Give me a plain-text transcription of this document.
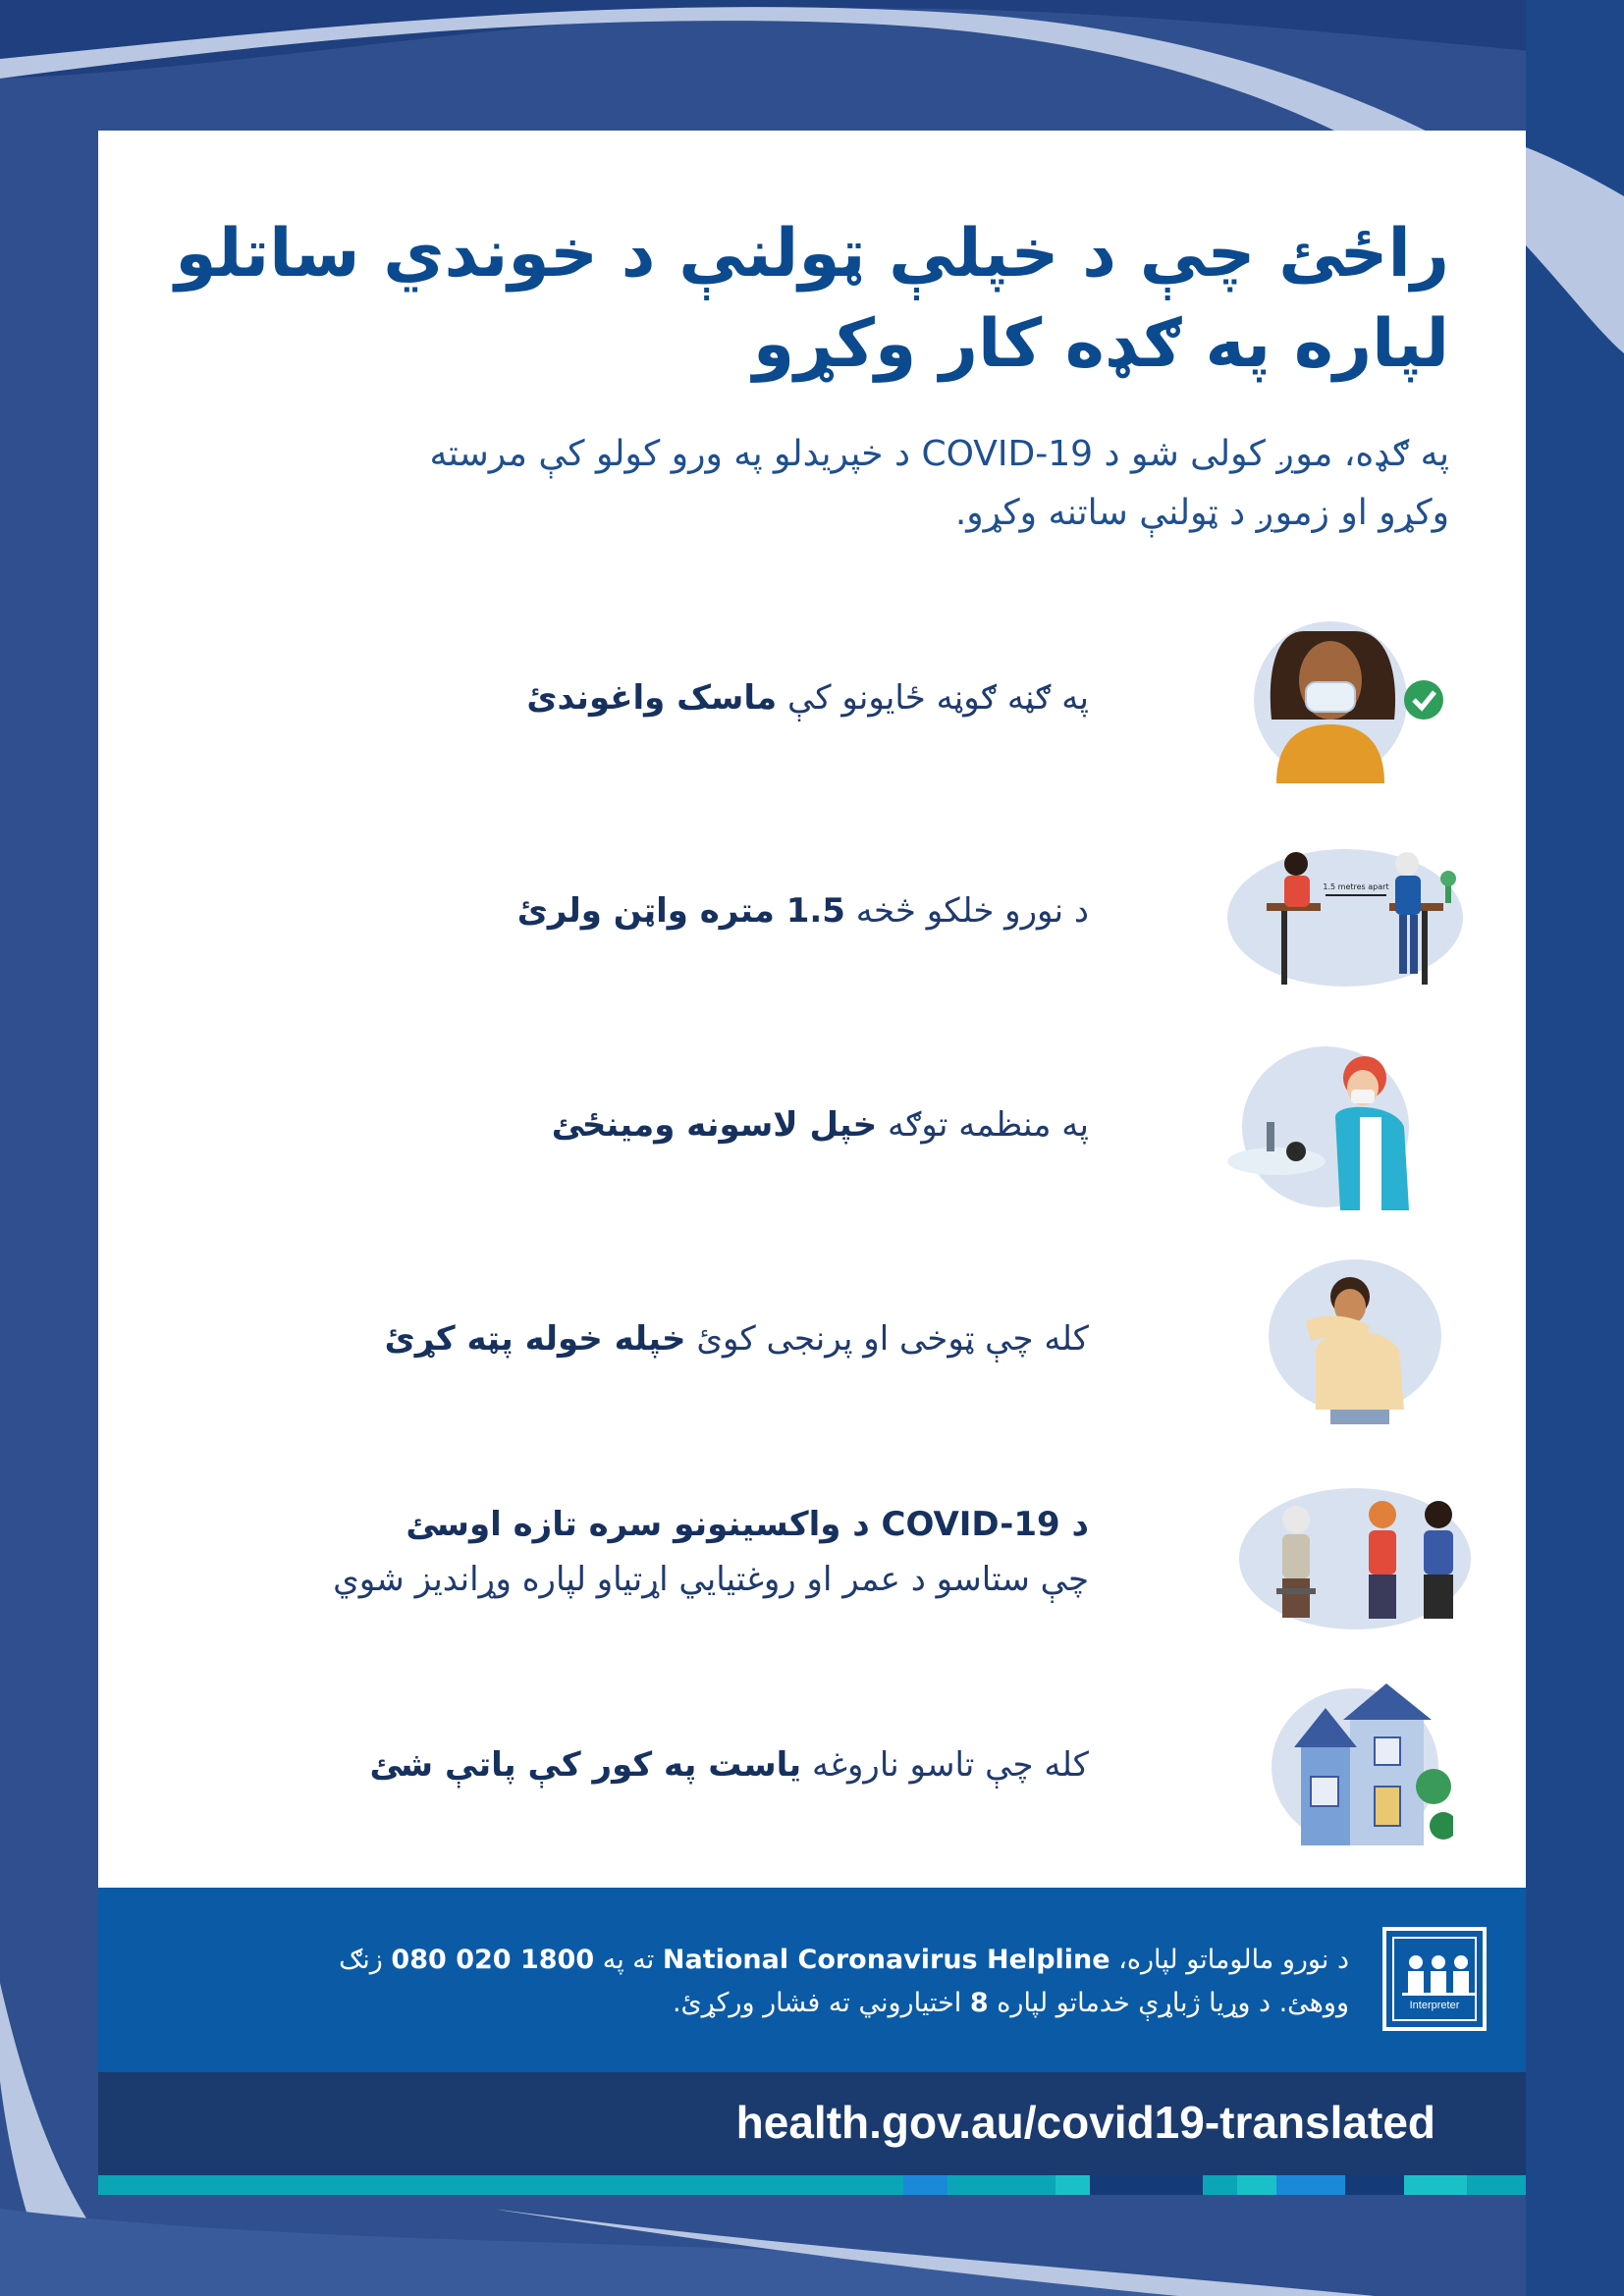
راځئ چې د خپلې ټولنې د خوندي ساتلو
لپاره په ګډه کار وکړو
په ګډه، موږ کولی شو د COVID-19 د خپریدلو په ورو کولو کې مرسته
وکړو او زموږ د ټولنې ساتنه وکړو.
په ګڼه ګوڼه ځایونو کې ماسک واغوندئ
د نورو خلکو څخه 1.5 متره واټن ولرئ
1.5 metres apart
په منظمه توګه خپل لاسونه ومینځئ
کله چې ټوخی او پرنجی کوئ خپله خوله پټه کړئ
د COVID-19 د واکسینونو سره تازه اوسئ
چې ستاسو د عمر او روغتیایي اړتیاو لپاره وړاندیز شوي
کله چې تاسو ناروغه یاست په کور کې پاتې شئ
د نورو مالوماتو لپاره، National Coronavirus Helpline ته په 1800 020 080 زنګ
ووهئ. د وړیا ژباړې خدماتو لپاره 8 اختیاروني ته فشار ورکړئ.	Interpreter
health.gov.au/covid19-translated
